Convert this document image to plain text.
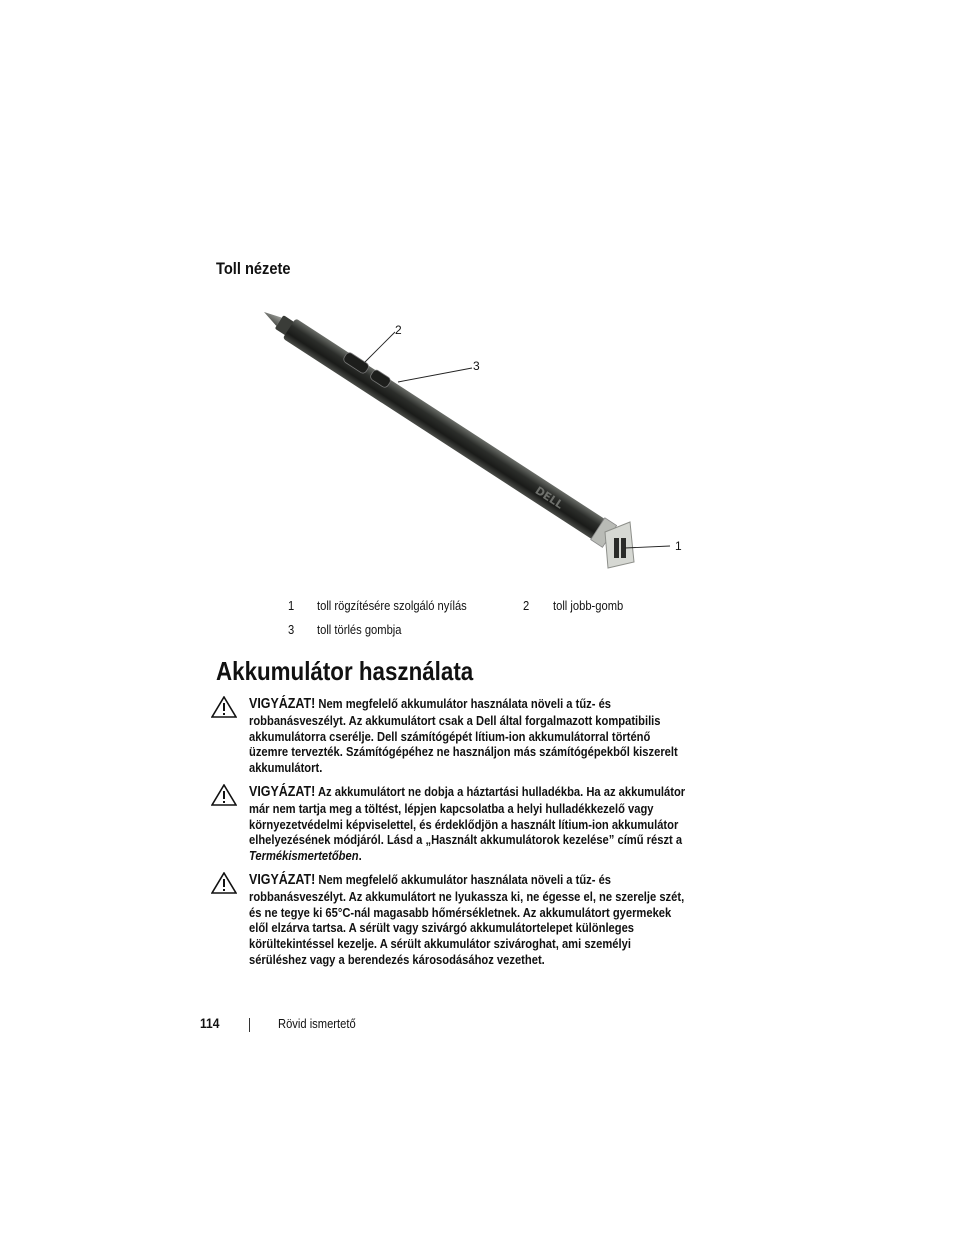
Toll nézete
DELL
2
3
1
1 toll rögzítésére szolgáló nyílás	2 toll jobb-gomb
3 toll törlés gombja
Akkumulátor használata
VIGYÁZAT! Nem megfelelő akkumulátor használata növeli a tűz- és
robbanásveszélyt. Az akkumulátort csak a Dell által forgalmazott kompatibilis
akkumulátorra cserélje. Dell számítógépét lítium-ion akkumulátorral történő
üzemre tervezték. Számítógépéhez ne használjon más számítógépekből kiszerelt
akkumulátort.
VIGYÁZAT! Az akkumulátort ne dobja a háztartási hulladékba. Ha az akkumulátor
már nem tartja meg a töltést, lépjen kapcsolatba a helyi hulladékkezelő vagy
környezetvédelmi képviselettel, és érdeklődjön a használt lítium-ion akkumulátor
elhelyezésének módjáról. Lásd a „Használt akkumulátorok kezelése” című részt a
Termékismertetőben.
VIGYÁZAT! Nem megfelelő akkumulátor használata növeli a tűz- és
robbanásveszélyt. Az akkumulátort ne lyukassza ki, ne égesse el, ne szerelje szét,
és ne tegye ki 65°C-nál magasabb hőmérsékletnek. Az akkumulátort gyermekek
elől elzárva tartsa. A sérült vagy szivárgó akkumulátortelepet különleges
körültekintéssel kezelje. A sérült akkumulátor szivároghat, ami személyi
sérüléshez vagy a berendezés károsodásához vezethet.
114	Rövid ismertető
